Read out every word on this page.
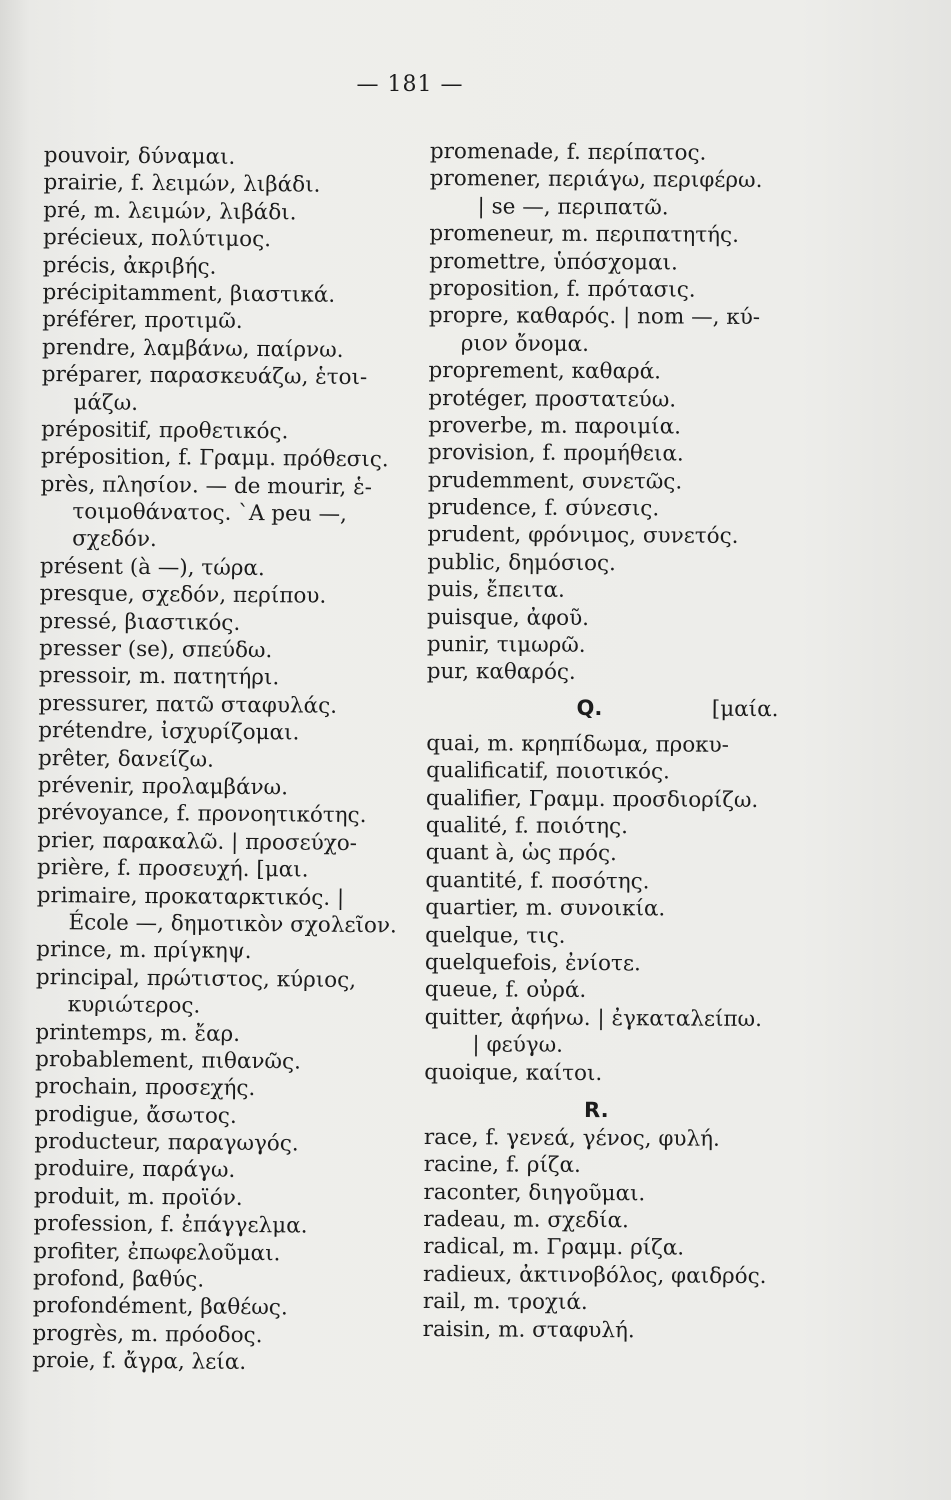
— 181 —
pouvoir, δύναμαι.
prairie, f. λειμών, λιβάδι.
pré, m. λειμών, λιβάδι.
précieux, πολύτιμος.
précis, ἀκριβής.
précipitamment, βιαστικά.
préférer, προτιμῶ.
prendre, λαμβάνω, παίρνω.
préparer, παρασκευάζω, ἑτοι-
μάζω.
prépositif, προθετικός.
préposition, f. Γραμμ. πρόθεσις.
près, πλησίον. — de mourir, ἑ-
τοιμοθάνατος. `A peu —,
σχεδόν.
présent (à —), τώρα.
presque, σχεδόν, περίπου.
pressé, βιαστικός.
presser (se), σπεύδω.
pressoir, m. πατητήρι.
pressurer, πατῶ σταφυλάς.
prétendre, ἰσχυρίζομαι.
prêter, δανείζω.
prévenir, προλαμβάνω.
prévoyance, f. προνοητικότης.
prier, παρακαλῶ. | προσεύχο-
prière, f. προσευχή. [μαι.
primaire, προκαταρκτικός. |
École —, δημοτικὸν σχολεῖον.
prince, m. πρίγκηψ.
principal, πρώτιστος, κύριος,
κυριώτερος.
printemps, m. ἔαρ.
probablement, πιθανῶς.
prochain, προσεχής.
prodigue, ἄσωτος.
producteur, παραγωγός.
produire, παράγω.
produit, m. προϊόν.
profession, f. ἐπάγγελμα.
profiter, ἐπωφελοῦμαι.
profond, βαθύς.
profondément, βαθέως.
progrès, m. πρόοδος.
proie, f. ἄγρα, λεία.
promenade, f. περίπατος.
promener, περιάγω, περιφέρω.
| se —, περιπατῶ.
promeneur, m. περιπατητής.
promettre, ὑπόσχομαι.
proposition, f. πρότασις.
propre, καθαρός. | nom —, κύ-
ριον ὄνομα.
proprement, καθαρά.
protéger, προστατεύω.
proverbe, m. παροιμία.
provision, f. προμήθεια.
prudemment, συνετῶς.
prudence, f. σύνεσις.
prudent, φρόνιμος, συνετός.
public, δημόσιος.
puis, ἔπειτα.
puisque, ἀφοῦ.
punir, τιμωρῶ.
pur, καθαρός.
Q.	[μαία.
quai, m. κρηπίδωμα, προκυ-
qualificatif, ποιοτικός.
qualifier, Γραμμ. προσδιορίζω.
qualité, f. ποιότης.
quant à, ὡς πρός.
quantité, f. ποσότης.
quartier, m. συνοικία.
quelque, τις.
quelquefois, ἐνίοτε.
queue, f. οὐρά.
quitter, ἀφήνω. | ἐγκαταλείπω.
| φεύγω.
quoique, καίτοι.
R.
race, f. γενεά, γένος, φυλή.
racine, f. ρίζα.
raconter, διηγοῦμαι.
radeau, m. σχεδία.
radical, m. Γραμμ. ρίζα.
radieux, ἀκτινοβόλος, φαιδρός.
rail, m. τροχιά.
raisin, m. σταφυλή.
